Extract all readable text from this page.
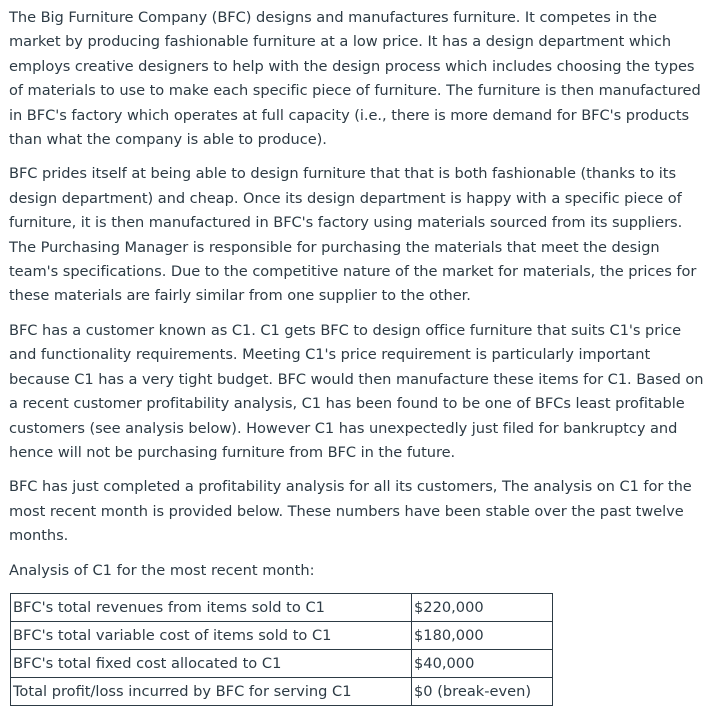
The Big Furniture Company (BFC) designs and manufactures furniture. It competes in the market by producing fashionable furniture at a low price. It has a design department which employs creative designers to help with the design process which includes choosing the types of materials to use to make each specific piece of furniture. The furniture is then manufactured in BFC's factory which operates at full capacity (i.e., there is more demand for BFC's products than what the company is able to produce).

BFC prides itself at being able to design furniture that that is both fashionable (thanks to its design department) and cheap. Once its design department is happy with a specific piece of furniture, it is then manufactured in BFC's factory using materials sourced from its suppliers. The Purchasing Manager is responsible for purchasing the materials that meet the design team's specifications. Due to the competitive nature of the market for materials, the prices for these materials are fairly similar from one supplier to the other.

BFC has a customer known as C1. C1 gets BFC to design office furniture that suits C1's price and functionality requirements. Meeting C1's price requirement is particularly important because C1 has a very tight budget. BFC would then manufacture these items for C1. Based on a recent customer profitability analysis, C1 has been found to be one of BFCs least profitable customers (see analysis below). However C1 has unexpectedly just filed for bankruptcy and hence will not be purchasing furniture from BFC in the future.

BFC has just completed a profitability analysis for all its customers, The analysis on C1 for the most recent month is provided below. These numbers have been stable over the past twelve months.

Analysis of C1 for the most recent month:

BFC's total revenues from items sold to C1	$220,000
BFC's total variable cost of items sold to C1	$180,000
BFC's total fixed cost allocated to C1	$40,000
Total profit/loss incurred by BFC for serving C1	$0 (break-even)
